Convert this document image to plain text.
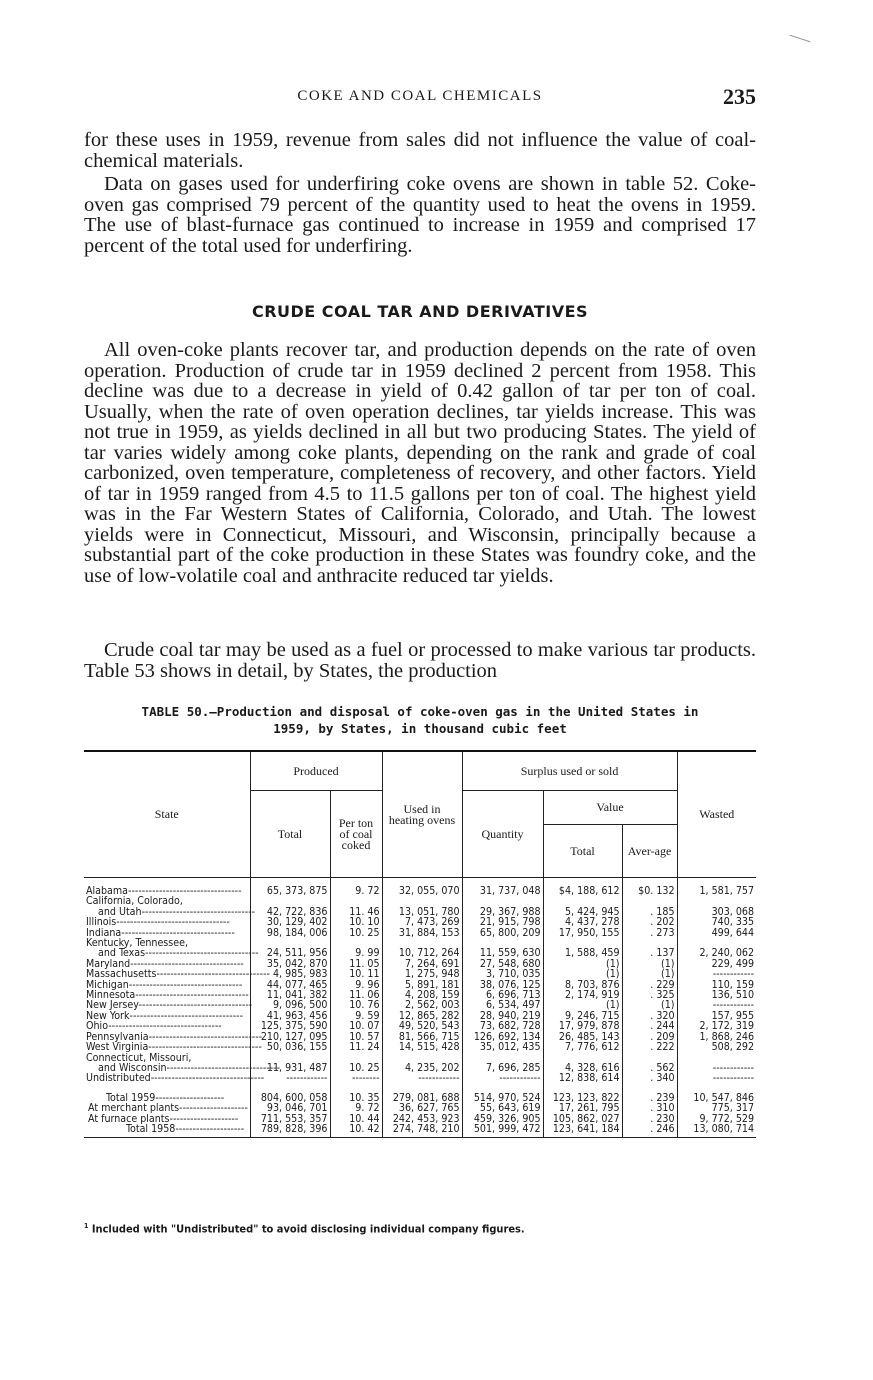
COKE AND COAL CHEMICALS	235

for these uses in 1959, revenue from sales did not influence the value of coal-chemical materials.

Data on gases used for underfiring coke ovens are shown in table 52. Coke-oven gas comprised 79 percent of the quantity used to heat the ovens in 1959. The use of blast-furnace gas continued to increase in 1959 and comprised 17 percent of the total used for underfiring.

CRUDE COAL TAR AND DERIVATIVES

All oven-coke plants recover tar, and production depends on the rate of oven operation. Production of crude tar in 1959 declined 2 percent from 1958. This decline was due to a decrease in yield of 0.42 gallon of tar per ton of coal. Usually, when the rate of oven operation declines, tar yields increase. This was not true in 1959, as yields declined in all but two producing States. The yield of tar varies widely among coke plants, depending on the rank and grade of coal carbonized, oven temperature, completeness of recovery, and other factors. Yield of tar in 1959 ranged from 4.5 to 11.5 gallons per ton of coal. The highest yield was in the Far Western States of California, Colorado, and Utah. The lowest yields were in Connecticut, Missouri, and Wisconsin, principally because a substantial part of the coke production in these States was foundry coke, and the use of low-volatile coal and anthracite reduced tar yields.

Crude coal tar may be used as a fuel or processed to make various tar products. Table 53 shows in detail, by States, the production

TABLE 50.—Production and disposal of coke-oven gas in the United States in
1959, by States, in thousand cubic feet
State	Produced		Used in heating ovens	Surplus used or sold			Wasted
	Total	Per ton of coal coked		Quantity	Value		
					Total	Aver-age	

Alabama---------------------------------	65, 373, 875	9. 72	32, 055, 070	31, 737, 048	$4, 188, 612	$0. 132	1, 581, 757
California, Colorado,							
and Utah---------------------------------	42, 722, 836	11. 46	13, 051, 780	29, 367, 988	5, 424, 945	. 185	303, 068
Illinois---------------------------------	30, 129, 402	10. 10	7, 473, 269	21, 915, 798	4, 437, 278	. 202	740, 335
Indiana---------------------------------	98, 184, 006	10. 25	31, 884, 153	65, 800, 209	17, 950, 155	. 273	499, 644
Kentucky, Tennessee,							
and Texas---------------------------------	24, 511, 956	9. 99	10, 712, 264	11, 559, 630	1, 588, 459	. 137	2, 240, 062
Maryland---------------------------------	35, 042, 870	11. 05	7, 264, 691	27, 548, 680	(1)	(1)	229, 499
Massachusetts---------------------------------	4, 985, 983	10. 11	1, 275, 948	3, 710, 035	(1)	(1)	------------
Michigan---------------------------------	44, 077, 465	9. 96	5, 891, 181	38, 076, 125	8, 703, 876	. 229	110, 159
Minnesota---------------------------------	11, 041, 382	11. 06	4, 208, 159	6, 696, 713	2, 174, 919	. 325	136, 510
New Jersey---------------------------------	9, 096, 500	10. 76	2, 562, 003	6, 534, 497	(1)	(1)	------------
New York---------------------------------	41, 963, 456	9. 59	12, 865, 282	28, 940, 219	9, 246, 715	. 320	157, 955
Ohio---------------------------------	125, 375, 590	10. 07	49, 520, 543	73, 682, 728	17, 979, 878	. 244	2, 172, 319
Pennsylvania---------------------------------	210, 127, 095	10. 57	81, 566, 715	126, 692, 134	26, 485, 143	. 209	1, 868, 246
West Virginia---------------------------------	50, 036, 155	11. 24	14, 515, 428	35, 012, 435	7, 776, 612	. 222	508, 292
Connecticut, Missouri,							
and Wisconsin---------------------------------	11, 931, 487	10. 25	4, 235, 202	7, 696, 285	4, 328, 616	. 562	------------
Undistributed---------------------------------	------------	--------	------------	------------	12, 838, 614	. 340	------------

Total 1959--------------------	804, 600, 058	10. 35	279, 081, 688	514, 970, 524	123, 123, 822	. 239	10, 547, 846
At merchant plants--------------------	93, 046, 701	9. 72	36, 627, 765	55, 643, 619	17, 261, 795	. 310	775, 317
At furnace plants--------------------	711, 553, 357	10. 44	242, 453, 923	459, 326, 905	105, 862, 027	. 230	9, 772, 529
Total 1958--------------------	789, 828, 396	10. 42	274, 748, 210	501, 999, 472	123, 641, 184	. 246	13, 080, 714

$^1$ Included with "Undistributed" to avoid disclosing individual company figures.
